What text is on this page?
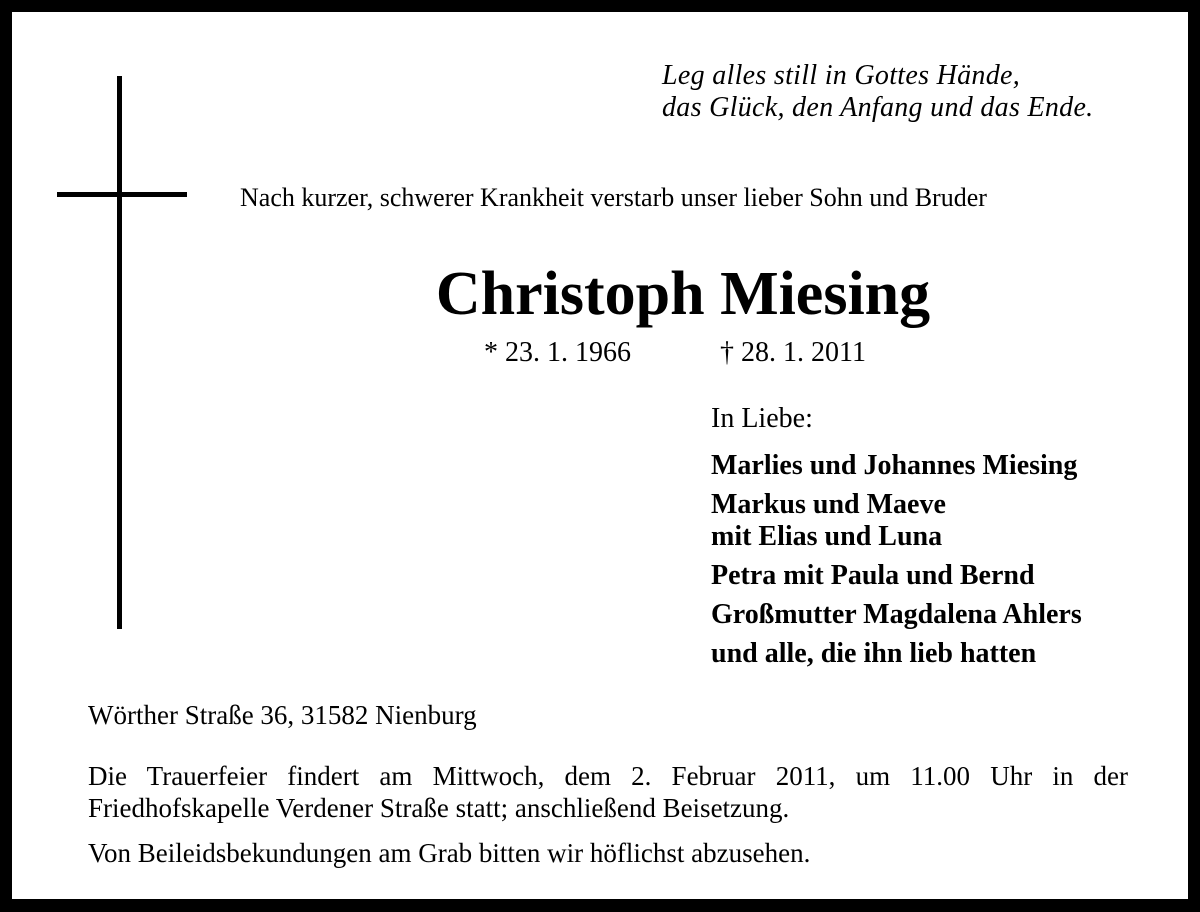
Leg alles still in Gottes Hände,
das Glück, den Anfang und das Ende.
Nach kurzer, schwerer Krankheit verstarb unser lieber Sohn und Bruder
Christoph Miesing
* 23. 1. 1966	† 28. 1. 2011
In Liebe:
Marlies und Johannes Miesing
Markus und Maeve
mit Elias und Luna
Petra mit Paula und Bernd
Großmutter Magdalena Ahlers
und alle, die ihn lieb hatten
Wörther Straße 36, 31582 Nienburg
Die Trauerfeier findert am Mittwoch, dem 2. Februar 2011, um 11.00 Uhr in der Friedhofskapelle Verdener Straße statt; anschließend Beisetzung.
Von Beileidsbekundungen am Grab bitten wir höflichst abzusehen.
